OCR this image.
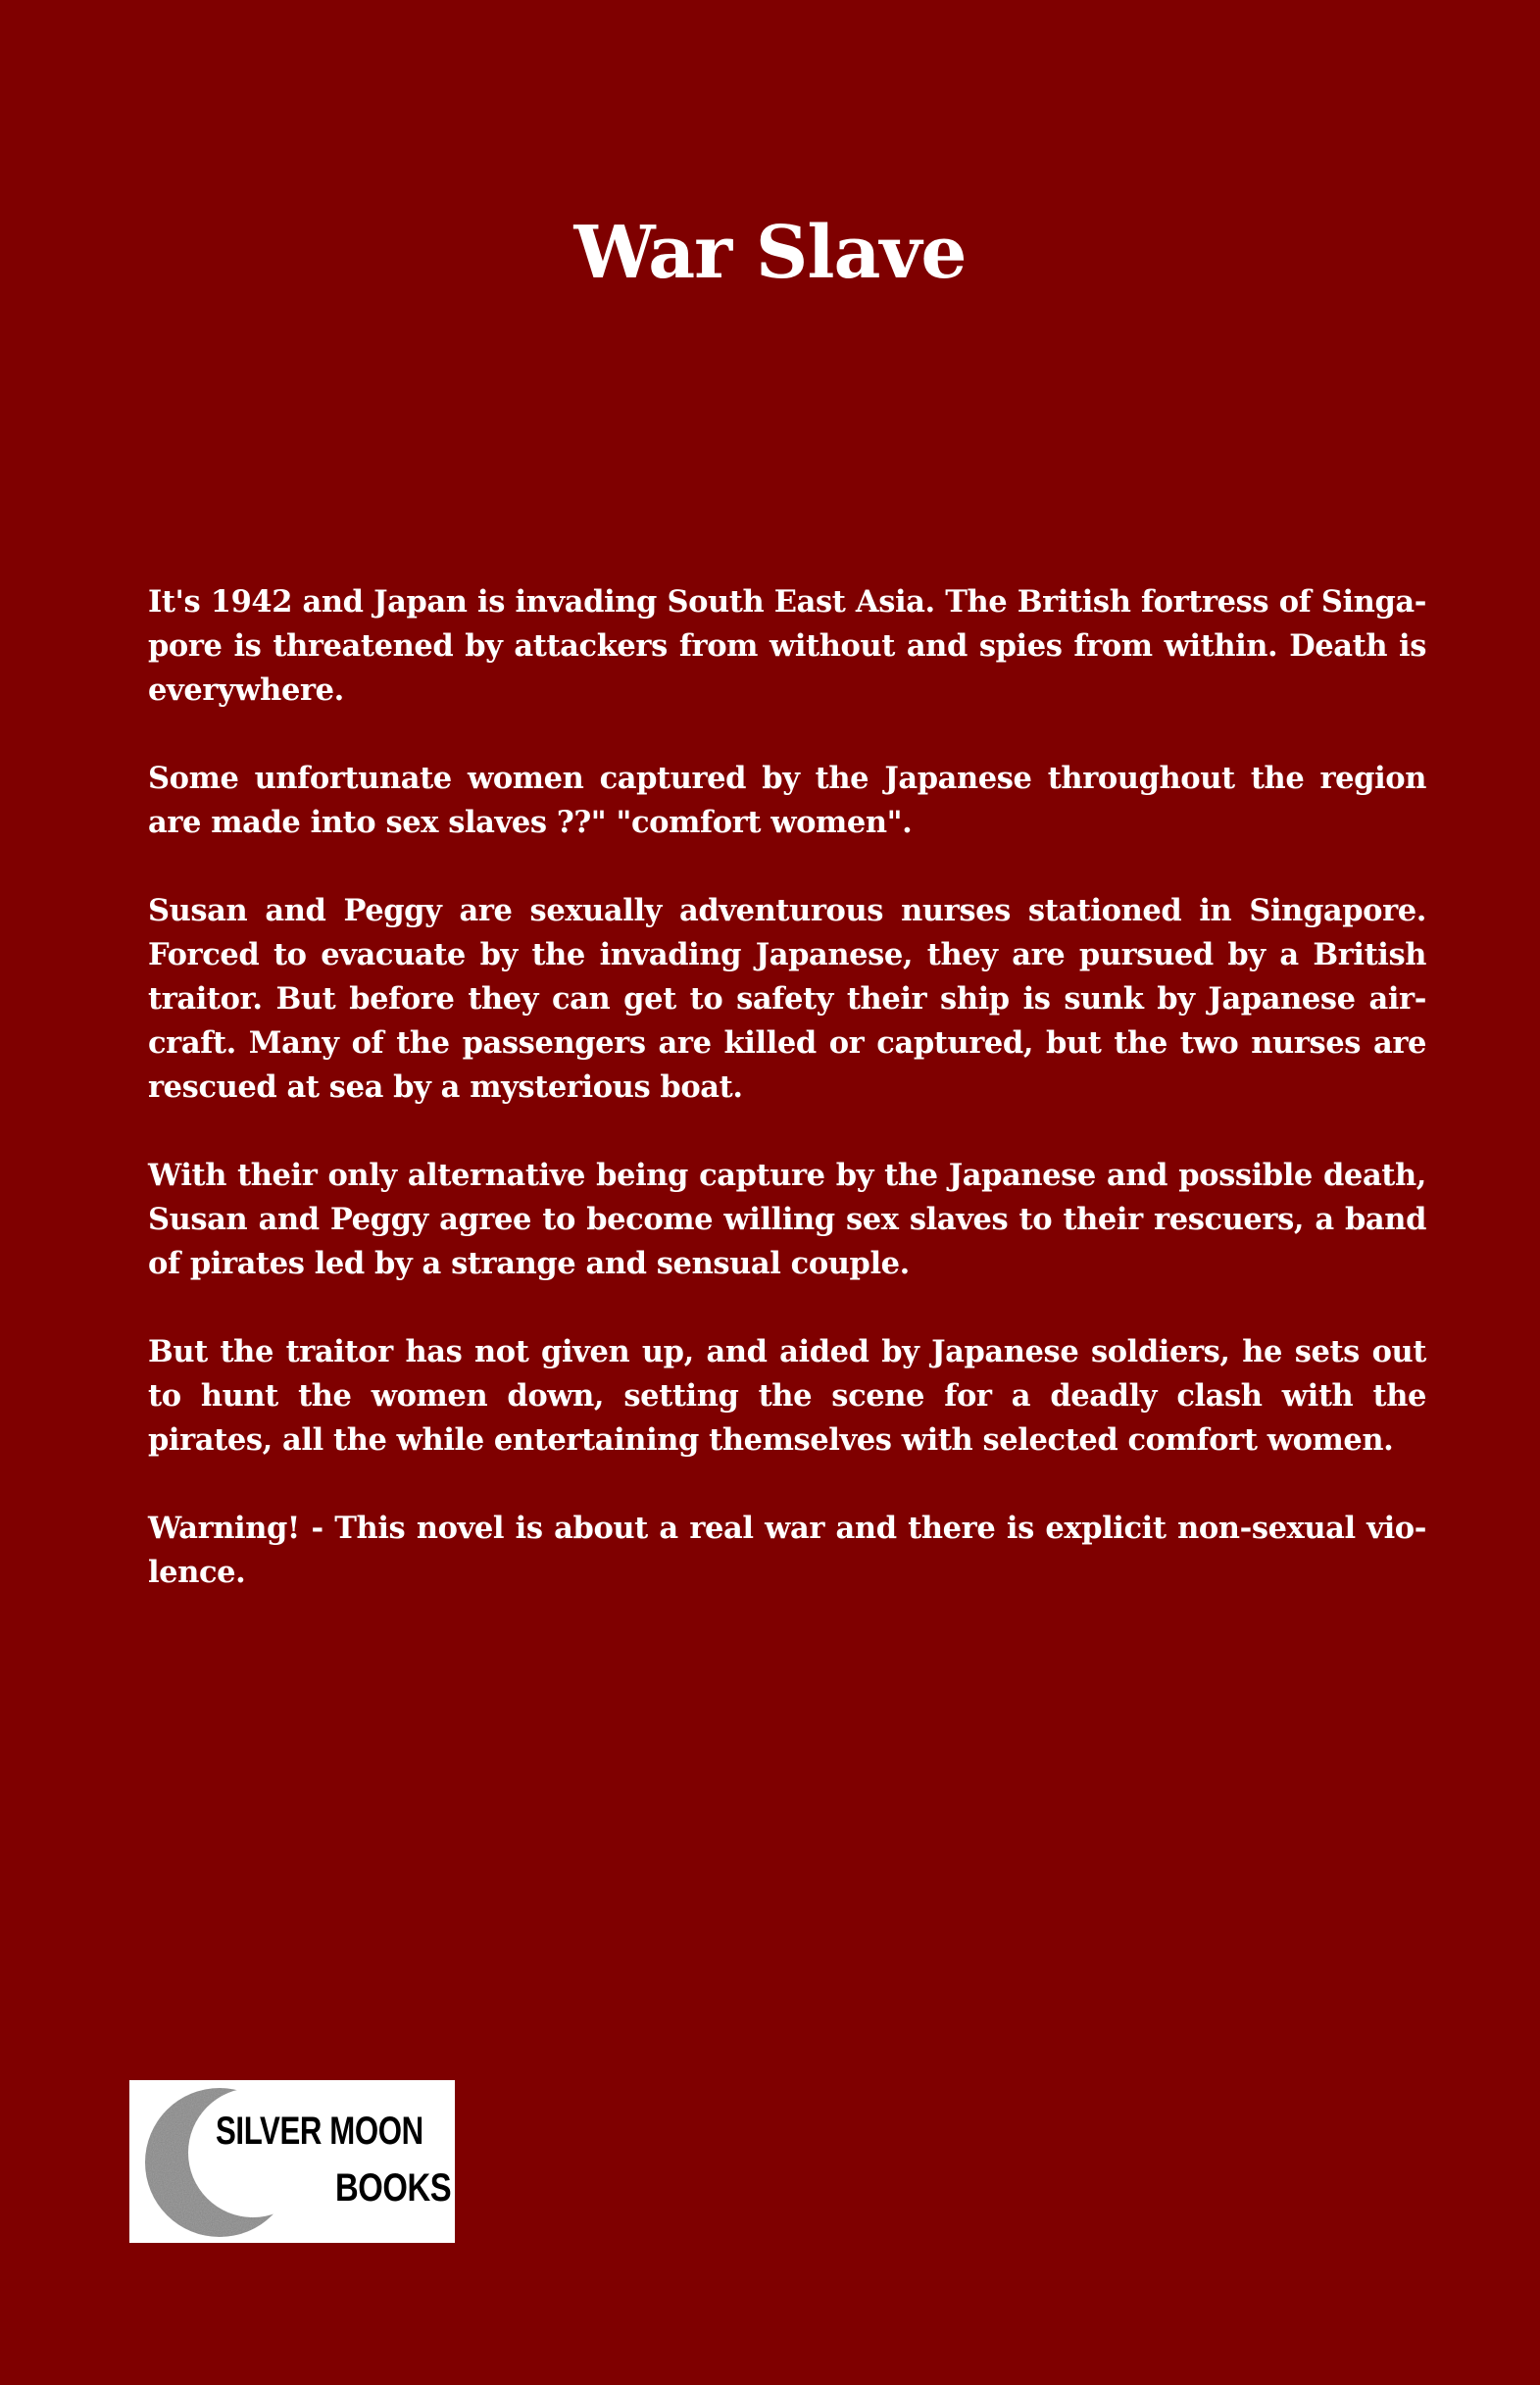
War Slave

It's 1942 and Japan is invading South East Asia. The British fortress of Singa-pore is threatened by attackers from without and spies from within. Death is everywhere.

Some unfortunate women captured by the Japanese throughout the region are made into sex slaves ??" "comfort women".

Susan and Peggy are sexually adventurous nurses stationed in Singapore. Forced to evacuate by the invading Japanese, they are pursued by a British traitor. But before they can get to safety their ship is sunk by Japanese air-craft. Many of the passengers are killed or captured, but the two nurses are rescued at sea by a mysterious boat.

With their only alternative being capture by the Japanese and possible death, Susan and Peggy agree to become willing sex slaves to their rescuers, a band of pirates led by a strange and sensual couple.

But the traitor has not given up, and aided by Japanese soldiers, he sets out to hunt the women down, setting the scene for a deadly clash with the pirates, all the while entertaining themselves with selected comfort women.

Warning! - This novel is about a real war and there is explicit non-sexual vio-lence.

SILVER MOON
BOOKS
